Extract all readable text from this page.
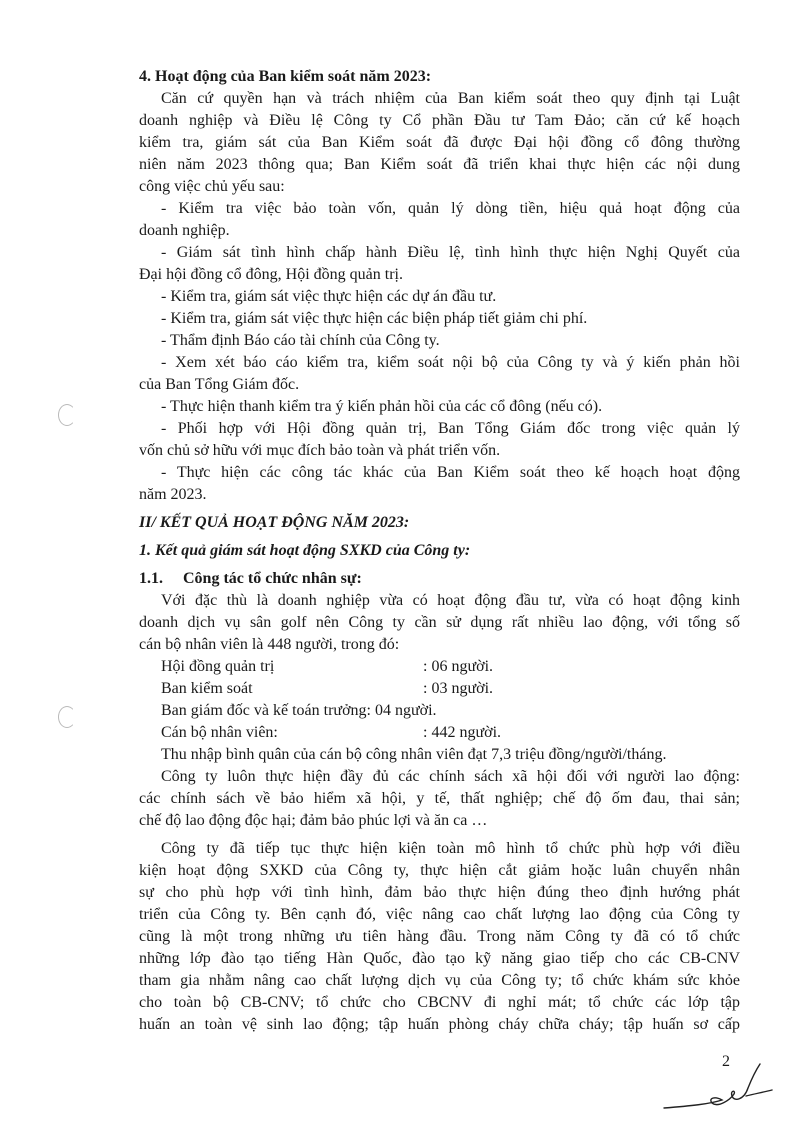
4. Hoạt động của Ban kiểm soát năm 2023:
Căn cứ quyền hạn và trách nhiệm của Ban kiểm soát theo quy định tại Luật
doanh nghiệp và Điều lệ Công ty Cổ phần Đầu tư Tam Đảo; căn cứ kế hoạch
kiểm tra, giám sát của Ban Kiểm soát đã được Đại hội đồng cổ đông thường
niên năm 2023 thông qua; Ban Kiểm soát đã triển khai thực hiện các nội dung
công việc chủ yếu sau:
- Kiểm tra việc bảo toàn vốn, quản lý dòng tiền, hiệu quả hoạt động của
doanh nghiệp.
- Giám sát tình hình chấp hành Điều lệ, tình hình thực hiện Nghị Quyết của
Đại hội đồng cổ đông, Hội đồng quản trị.
- Kiểm tra, giám sát việc thực hiện các dự án đầu tư.
- Kiểm tra, giám sát việc thực hiện các biện pháp tiết giảm chi phí.
- Thẩm định Báo cáo tài chính của Công ty.
- Xem xét báo cáo kiểm tra, kiểm soát nội bộ của Công ty và ý kiến phản hồi
của Ban Tổng Giám đốc.
- Thực hiện thanh kiểm tra ý kiến phản hồi của các cổ đông (nếu có).
- Phối hợp với Hội đồng quản trị, Ban Tổng Giám đốc trong việc quản lý
vốn chủ sở hữu với mục đích bảo toàn và phát triển vốn.
- Thực hiện các công tác khác của Ban Kiểm soát theo kế hoạch hoạt động
năm 2023.
II/ KẾT QUẢ HOẠT ĐỘNG NĂM 2023:
1. Kết quả giám sát hoạt động SXKD của Công ty:
1.1. Công tác tổ chức nhân sự:
Với đặc thù là doanh nghiệp vừa có hoạt động đầu tư, vừa có hoạt động kinh
doanh dịch vụ sân golf nên Công ty cần sử dụng rất nhiều lao động, với tổng số
cán bộ nhân viên là 448 người, trong đó:
Hội đồng quản trị	: 06 người.
Ban kiểm soát	: 03 người.
Ban giám đốc và kế toán trưởng: 04 người.
Cán bộ nhân viên:	: 442 người.
Thu nhập bình quân của cán bộ công nhân viên đạt 7,3 triệu đồng/người/tháng.
Công ty luôn thực hiện đầy đủ các chính sách xã hội đối với người lao động:
các chính sách về bảo hiểm xã hội, y tế, thất nghiệp; chế độ ốm đau, thai sản;
chế độ lao động độc hại; đảm bảo phúc lợi và ăn ca …
Công ty đã tiếp tục thực hiện kiện toàn mô hình tổ chức phù hợp với điều
kiện hoạt động SXKD của Công ty, thực hiện cắt giảm hoặc luân chuyển nhân
sự cho phù hợp với tình hình, đảm bảo thực hiện đúng theo định hướng phát
triển của Công ty. Bên cạnh đó, việc nâng cao chất lượng lao động của Công ty
cũng là một trong những ưu tiên hàng đầu. Trong năm Công ty đã có tổ chức
những lớp đào tạo tiếng Hàn Quốc, đào tạo kỹ năng giao tiếp cho các CB-CNV
tham gia nhằm nâng cao chất lượng dịch vụ của Công ty; tổ chức khám sức khỏe
cho toàn bộ CB-CNV; tổ chức cho CBCNV đi nghỉ mát; tổ chức các lớp tập
huấn an toàn vệ sinh lao động; tập huấn phòng cháy chữa cháy; tập huấn sơ cấp
2
